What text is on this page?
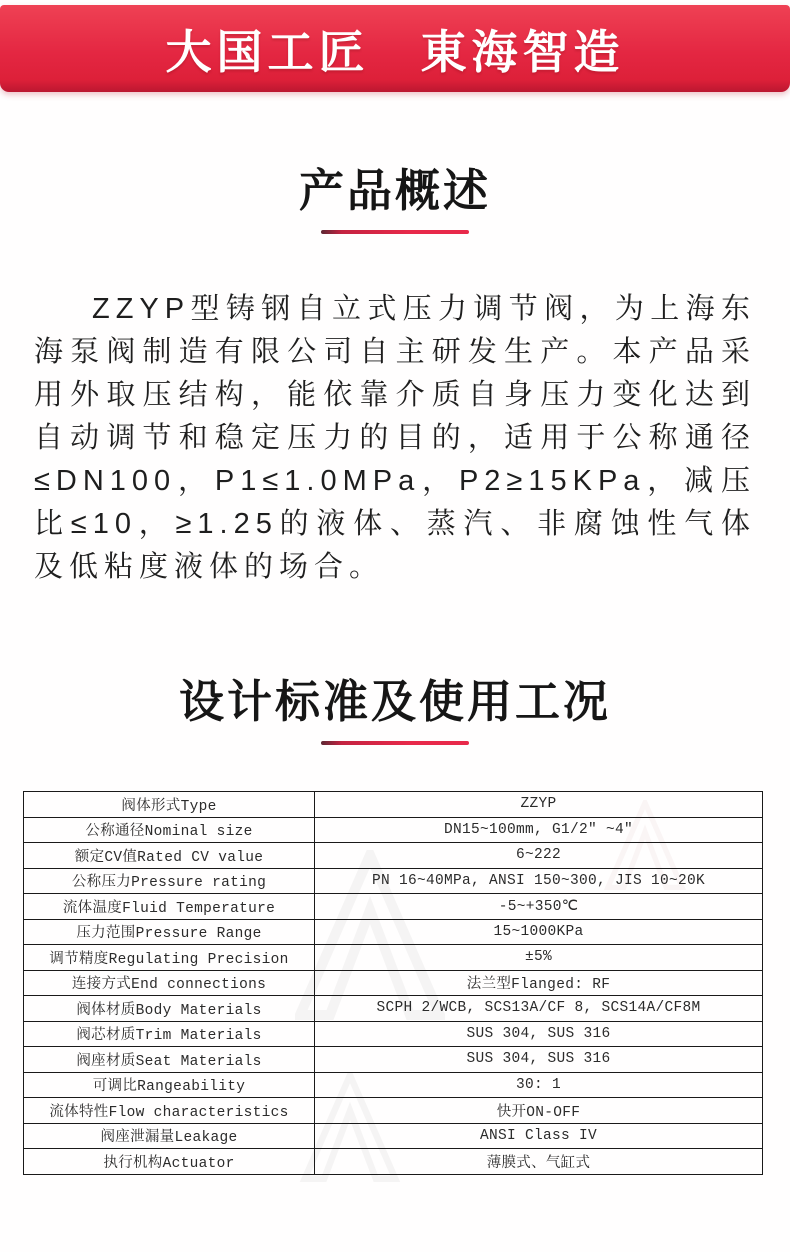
大国工匠　東海智造
产品概述

ZZYP型铸钢自立式压力调节阀，为上海东海泵阀制造有限公司自主研发生产。本产品采用外取压结构，能依靠介质自身压力变化达到自动调节和稳定压力的目的，适用于公称通径≤DN100，P1≤1.0MPa，P2≥15KPa，减压比≤10，≥1.25的液体、蒸汽、非腐蚀性气体及低粘度液体的场合。

设计标准及使用工况
阀体形式Type	ZZYP
公称通径Nominal size	DN15~100mm, G1/2" ~4"
额定CV值Rated CV value	6~222
公称压力Pressure rating	PN 16~40MPa, ANSI 150~300, JIS 10~20K
流体温度Fluid Temperature	-5~+350℃
压力范围Pressure Range	15~1000KPa
调节精度Regulating Precision	±5%
连接方式End connections	法兰型Flanged: RF
阀体材质Body Materials	SCPH 2/WCB, SCS13A/CF 8, SCS14A/CF8M
阀芯材质Trim Materials	SUS 304, SUS 316
阀座材质Seat Materials	SUS 304, SUS 316
可调比Rangeability	30: 1
流体特性Flow characteristics	快开ON-OFF
阀座泄漏量Leakage	ANSI Class IV
执行机构Actuator	薄膜式、气缸式
